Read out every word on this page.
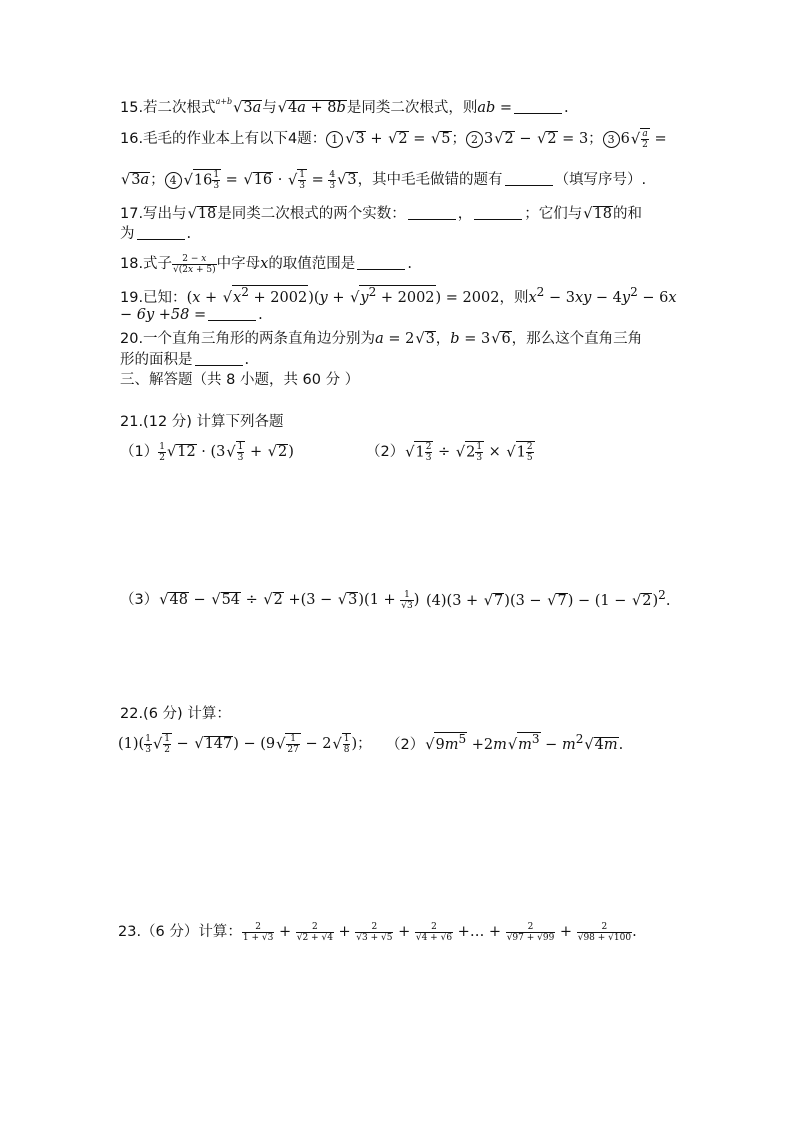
15.若二次根式$^{a+b}$√3a与√4a + 8b是同类二次根式，则ab =	.
16.毛毛的作业本上有以下4题： 1 √3 + √2 = √5； 2 3√2 − √2 = 3； 3 $6√ \frac{a}{2}$ =
√3a； 4 $√16 \frac{1}{3} = √16$ · √ $\frac{1}{3} = \frac{4}{3} √3$，其中毛毛做错的题有	（填写序号）.
17.写出与√18是同类二次根式的两个实数：	，	；它们与√18的和
为	.
18.式子 $\frac{2 - x}{√(2x + 5)}$ 中字母x的取值范围是	.
19.已知：$(x + √x^2 + 2002)(y + √y^2 + 2002) = 2002$，则$x^2 - 3xy - 4y^2 - 6x$
− 6y +58 =	.
20.一个直角三角形的两条直角边分别为a = 2√3，b = 3√6，那么这个直角三角
形的面积是	.
三、解答题（共 8 小题，共 60 分 ）
21.(12 分) 计算下列各题
$(1) \frac{1}{2} √12 \cdot (3√ \frac{1}{3} + √2)$	$(2)√1 \frac{2}{3} \div √2 \frac{1}{3} \times √1 \frac{2}{5}$
$(3)√48 - √54 \div √2 +(3 - √3)(1 + \frac{1}{√3}$ ) $(4)(3 + √7)(3 - √7) - (1 - √2)^2$.
22.(6 分) 计算：
$(1)( \frac{1}{3}$ √ $\frac{1}{2} - √147) - (9√ \frac{1}{27} - 2√ \frac{1}{8}$ )； $(2)√9m^5 +2m√m^3 - m^2√4m$.
23.（6 分）计算： $\frac{2}{1 + √3} + \frac{2}{√2 + √4} + \frac{2}{√3 + √5} + \frac{2}{√4 + √6}$ +… + $\frac{2}{√97 + √99} + \frac{2}{√98 + √100}$ .
